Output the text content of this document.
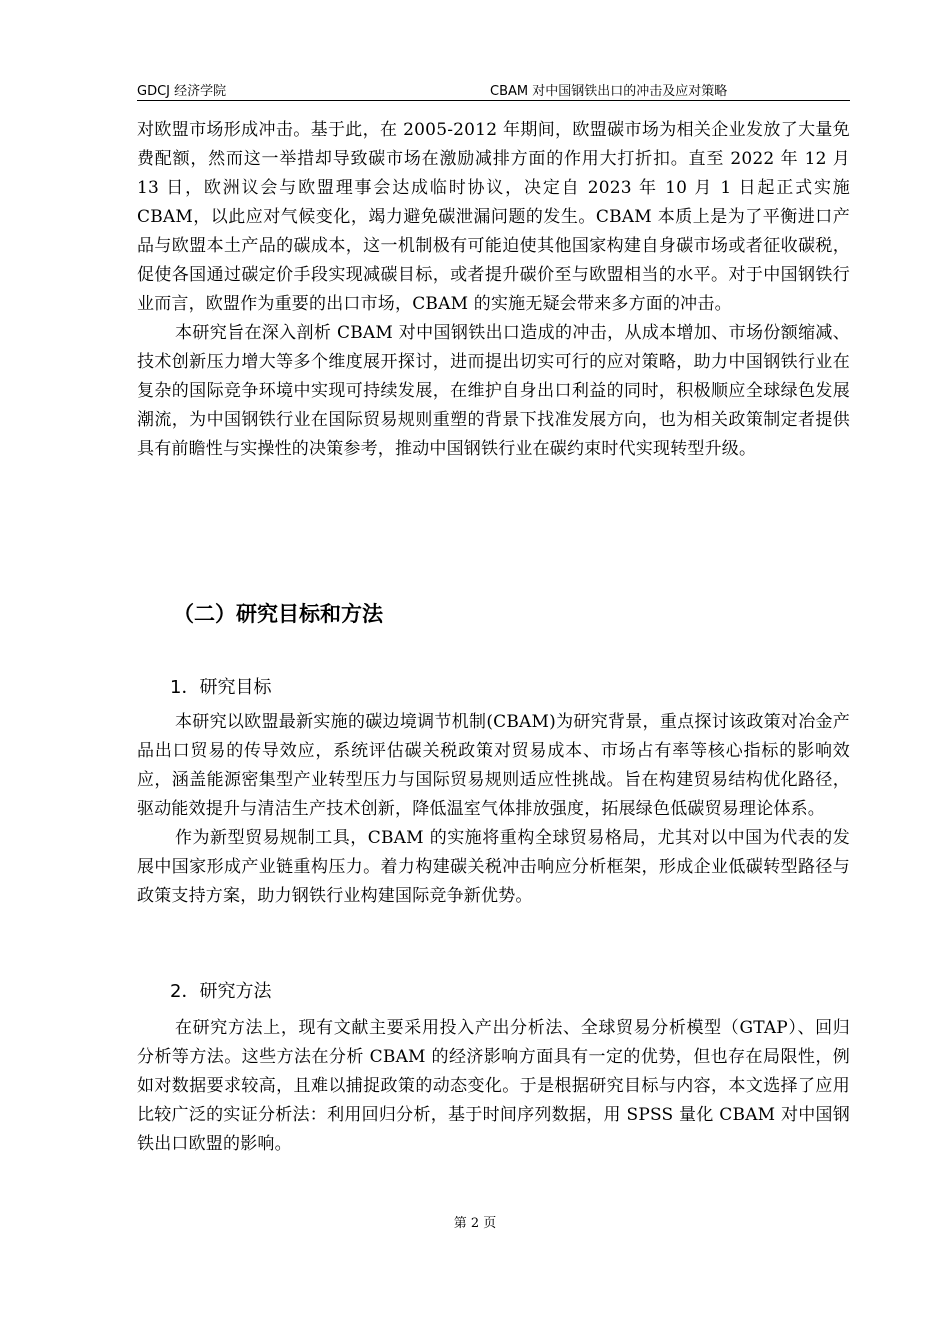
GDCJ 经济学院	CBAM 对中国钢铁出口的冲击及应对策略

对欧盟市场形成冲击。基于此，在 2005-2012 年期间，欧盟碳市场为相关企业发放了大量免费配额，然而这一举措却导致碳市场在激励减排方面的作用大打折扣。直至 2022 年 12 月 13 日，欧洲议会与欧盟理事会达成临时协议，决定自 2023 年 10 月 1 日起正式实施 CBAM，以此应对气候变化，竭力避免碳泄漏问题的发生。CBAM 本质上是为了平衡进口产品与欧盟本土产品的碳成本，这一机制极有可能迫使其他国家构建自身碳市场或者征收碳税，促使各国通过碳定价手段实现减碳目标，或者提升碳价至与欧盟相当的水平。对于中国钢铁行业而言，欧盟作为重要的出口市场，CBAM 的实施无疑会带来多方面的冲击。

本研究旨在深入剖析 CBAM 对中国钢铁出口造成的冲击，从成本增加、市场份额缩减、技术创新压力增大等多个维度展开探讨，进而提出切实可行的应对策略，助力中国钢铁行业在复杂的国际竞争环境中实现可持续发展，在维护自身出口利益的同时，积极顺应全球绿色发展潮流，为中国钢铁行业在国际贸易规则重塑的背景下找准发展方向，也为相关政策制定者提供具有前瞻性与实操性的决策参考，推动中国钢铁行业在碳约束时代实现转型升级。

（二）研究目标和方法
1．研究目标

本研究以欧盟最新实施的碳边境调节机制(CBAM)为研究背景，重点探讨该政策对冶金产品出口贸易的传导效应，系统评估碳关税政策对贸易成本、市场占有率等核心指标的影响效应，涵盖能源密集型产业转型压力与国际贸易规则适应性挑战。旨在构建贸易结构优化路径，驱动能效提升与清洁生产技术创新，降低温室气体排放强度，拓展绿色低碳贸易理论体系。

作为新型贸易规制工具，CBAM 的实施将重构全球贸易格局，尤其对以中国为代表的发展中国家形成产业链重构压力。着力构建碳关税冲击响应分析框架，形成企业低碳转型路径与政策支持方案，助力钢铁行业构建国际竞争新优势。

2．研究方法

在研究方法上，现有文献主要采用投入产出分析法、全球贸易分析模型（GTAP）、回归分析等方法。这些方法在分析 CBAM 的经济影响方面具有一定的优势，但也存在局限性，例如对数据要求较高，且难以捕捉政策的动态变化。于是根据研究目标与内容，本文选择了应用比较广泛的实证分析法：利用回归分析，基于时间序列数据，用 SPSS 量化 CBAM 对中国钢铁出口欧盟的影响。

第 2 页
